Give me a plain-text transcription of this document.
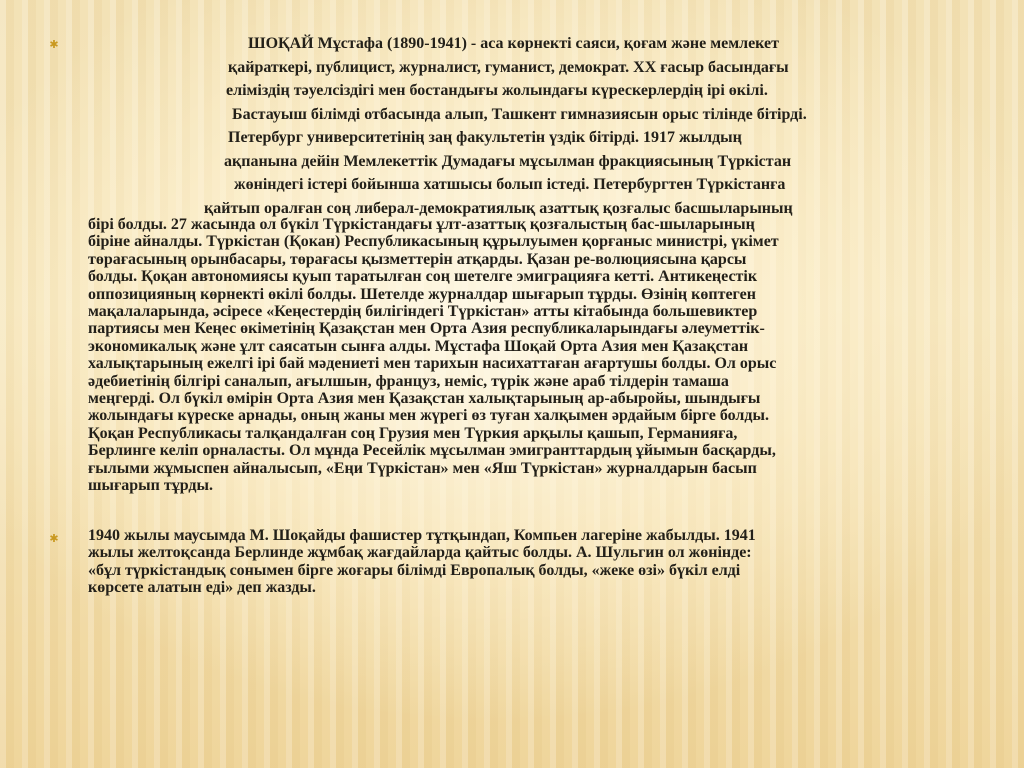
✱
✱
ШОҚАЙ Мұстафа (1890-1941) - аса көрнекті саяси, қоғам және мемлекет
қайраткері, публицист, журналист, гуманист, демократ. ХХ ғасыр басындағы
еліміздің тәуелсіздігі мен бостандығы жолындағы күрескерлердің ірі өкілі.
Бастауыш білімді отбасында алып, Ташкент гимназиясын орыс тілінде бітірді.
Петербург университетінің заң факультетін үздік бітірді. 1917 жылдың
ақпанына дейін Мемлекеттік Думадағы мұсылман фракциясының Түркістан
жөніндегі істері бойынша хатшысы болып істеді. Петербургтен Түркістанға
қайтып оралған соң либерал-демократиялық азаттық қозғалыс басшыларының
бірі болды. 27 жасында ол бүкіл Түркістандағы ұлт-азаттық қозғалыстың бас-шыларының
біріне айналды. Түркістан (Қокан) Республикасының құрылуымен қорғаныс министрі, үкімет
төрағасының орынбасары, төрағасы қызметтерін атқарды. Қазан ре-волюциясына қарсы
болды. Қоқан автономиясы қуып таратылған соң шетелге эмиграцияға кетті. Антикеңестік
оппозицияның көрнекті өкілі болды. Шетелде журналдар шығарып тұрды. Өзінің көптеген
мақалаларында, әсіресе «Кеңестердің билігіндегі Түркістан» атты кітабында большевиктер
партиясы мен Кеңес өкіметінің Қазақстан мен Орта Азия республикаларындағы әлеуметтік-
экономикалық және ұлт саясатын сынға алды. Мұстафа Шоқай Орта Азия мен Қазақстан
халықтарының ежелгі ірі бай мәдениеті мен тарихын насихаттаған ағартушы болды. Ол орыс
әдебиетінің білгірі саналып, ағылшын, француз, неміс, түрік және араб тілдерін тамаша
меңгерді. Ол бүкіл өмірін Орта Азия мен Қазақстан халықтарының ар-абыройы, шындығы
жолындағы күреске арнады, оның жаны мен жүрегі өз туған халқымен әрдайым бірге болды.
Қоқан Республикасы талқандалған соң Грузия мен Түркия арқылы қашып, Германияға,
Берлинге келіп орналасты. Ол мұнда Ресейлік мұсылман эмигранттардың ұйымын басқарды,
ғылыми жұмыспен айналысып, «Еңи Түркістан» мен «Яш Түркістан» журналдарын басып
шығарып тұрды.
1940 жылы маусымда М. Шоқайды фашистер тұтқындап, Компьен лагеріне жабылды. 1941
жылы желтоқсанда Берлинде жұмбақ жағдайларда қайтыс болды. А. Шульгин ол жөнінде:
«бұл түркістандық сонымен бірге жоғары білімді Европалық болды, «жеке өзі» бүкіл елді
көрсете алатын еді» деп жазды.
